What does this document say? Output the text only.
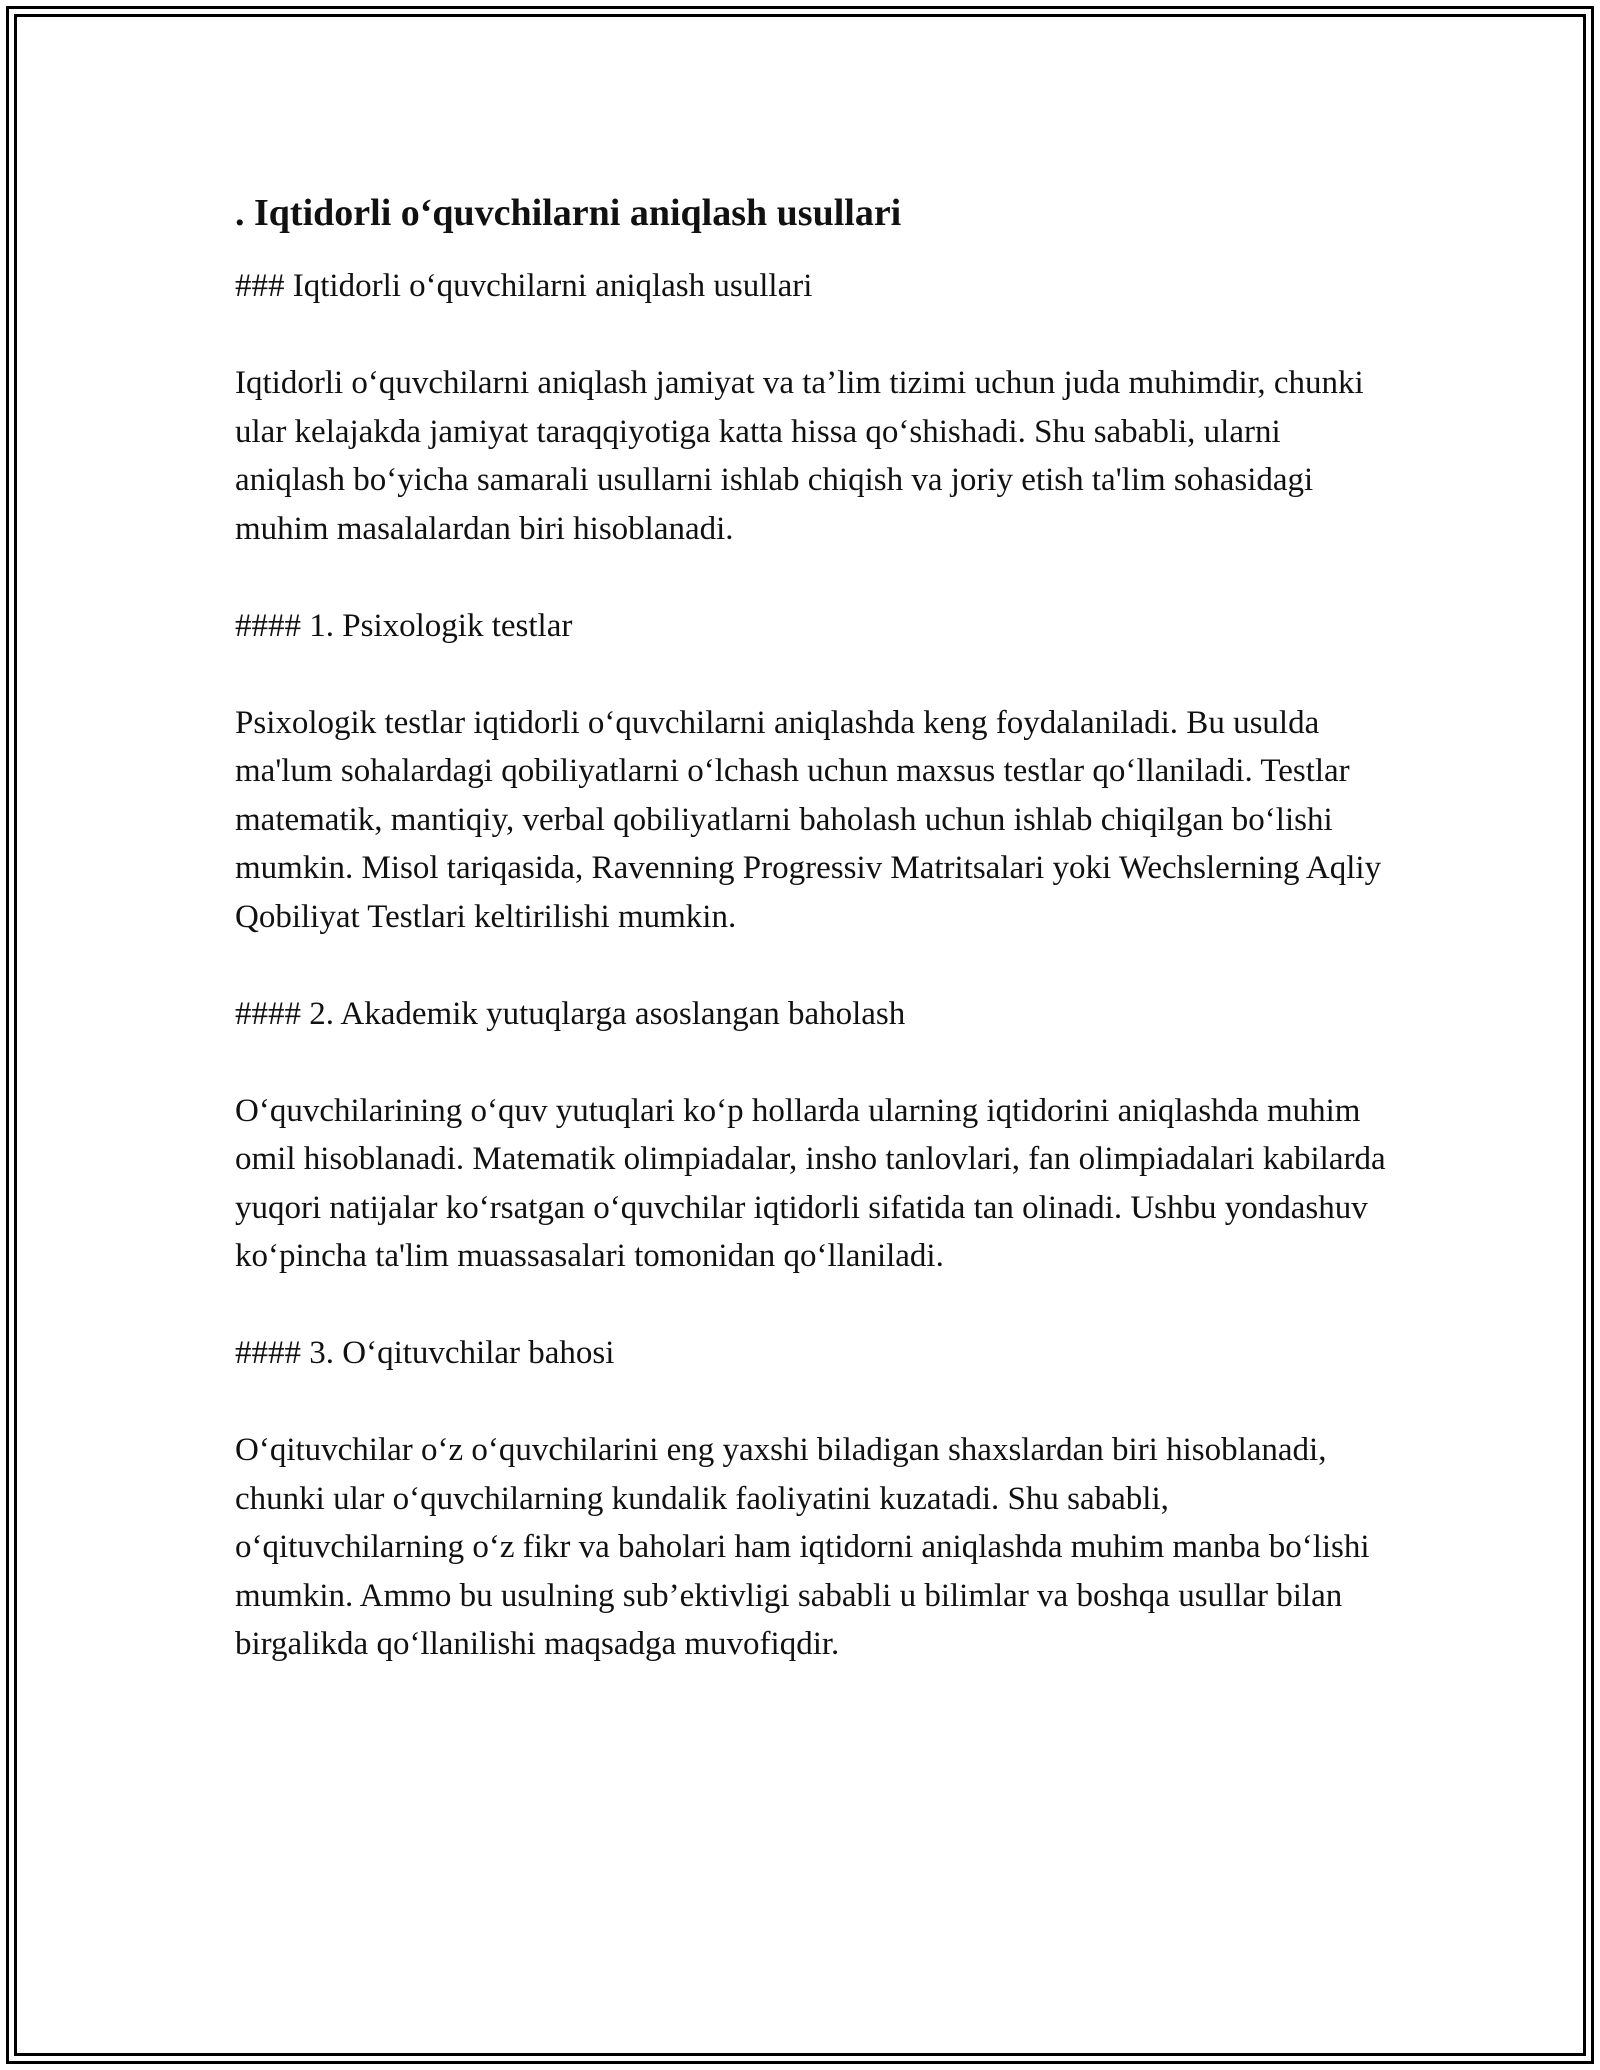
. Iqtidorli o‘quvchilarni aniqlash usullari
### Iqtidorli o‘quvchilarni aniqlash usullari

Iqtidorli o‘quvchilarni aniqlash jamiyat va ta’lim tizimi uchun juda muhimdir, chunki ular kelajakda jamiyat taraqqiyotiga katta hissa qo‘shishadi. Shu sababli, ularni aniqlash bo‘yicha samarali usullarni ishlab chiqish va joriy etish ta'lim sohasidagi muhim masalalardan biri hisoblanadi.

#### 1. Psixologik testlar

Psixologik testlar iqtidorli o‘quvchilarni aniqlashda keng foydalaniladi. Bu usulda ma'lum sohalardagi qobiliyatlarni o‘lchash uchun maxsus testlar qo‘llaniladi. Testlar matematik, mantiqiy, verbal qobiliyatlarni baholash uchun ishlab chiqilgan bo‘lishi mumkin. Misol tariqasida, Ravenning Progressiv Matritsalari yoki Wechslerning Aqliy Qobiliyat Testlari keltirilishi mumkin.

#### 2. Akademik yutuqlarga asoslangan baholash

O‘quvchilarining o‘quv yutuqlari ko‘p hollarda ularning iqtidorini aniqlashda muhim omil hisoblanadi. Matematik olimpiadalar, insho tanlovlari, fan olimpiadalari kabilarda yuqori natijalar ko‘rsatgan o‘quvchilar iqtidorli sifatida tan olinadi. Ushbu yondashuv ko‘pincha ta'lim muassasalari tomonidan qo‘llaniladi.

#### 3. O‘qituvchilar bahosi

O‘qituvchilar o‘z o‘quvchilarini eng yaxshi biladigan shaxslardan biri hisoblanadi, chunki ular o‘quvchilarning kundalik faoliyatini kuzatadi. Shu sababli, o‘qituvchilarning o‘z fikr va baholari ham iqtidorni aniqlashda muhim manba bo‘lishi mumkin. Ammo bu usulning sub’ektivligi sababli u bilimlar va boshqa usullar bilan birgalikda qo‘llanilishi maqsadga muvofiqdir.
